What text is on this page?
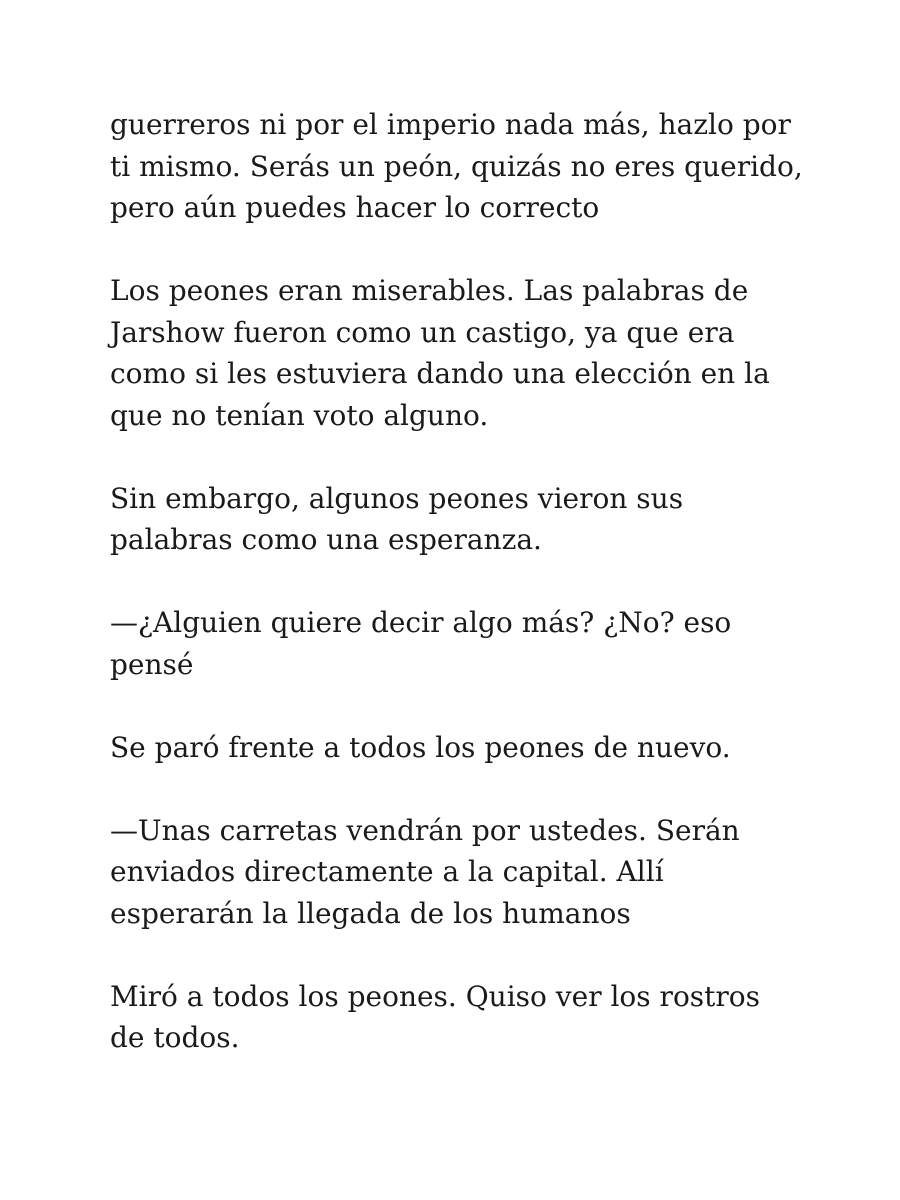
guerreros ni por el imperio nada más, hazlo por
ti mismo. Serás un peón, quizás no eres querido,
pero aún puedes hacer lo correcto

Los peones eran miserables. Las palabras de
Jarshow fueron como un castigo, ya que era
como si les estuviera dando una elección en la
que no tenían voto alguno.

Sin embargo, algunos peones vieron sus
palabras como una esperanza.

—¿Alguien quiere decir algo más? ¿No? eso
pensé

Se paró frente a todos los peones de nuevo.

—Unas carretas vendrán por ustedes. Serán
enviados directamente a la capital. Allí
esperarán la llegada de los humanos

Miró a todos los peones. Quiso ver los rostros
de todos.
